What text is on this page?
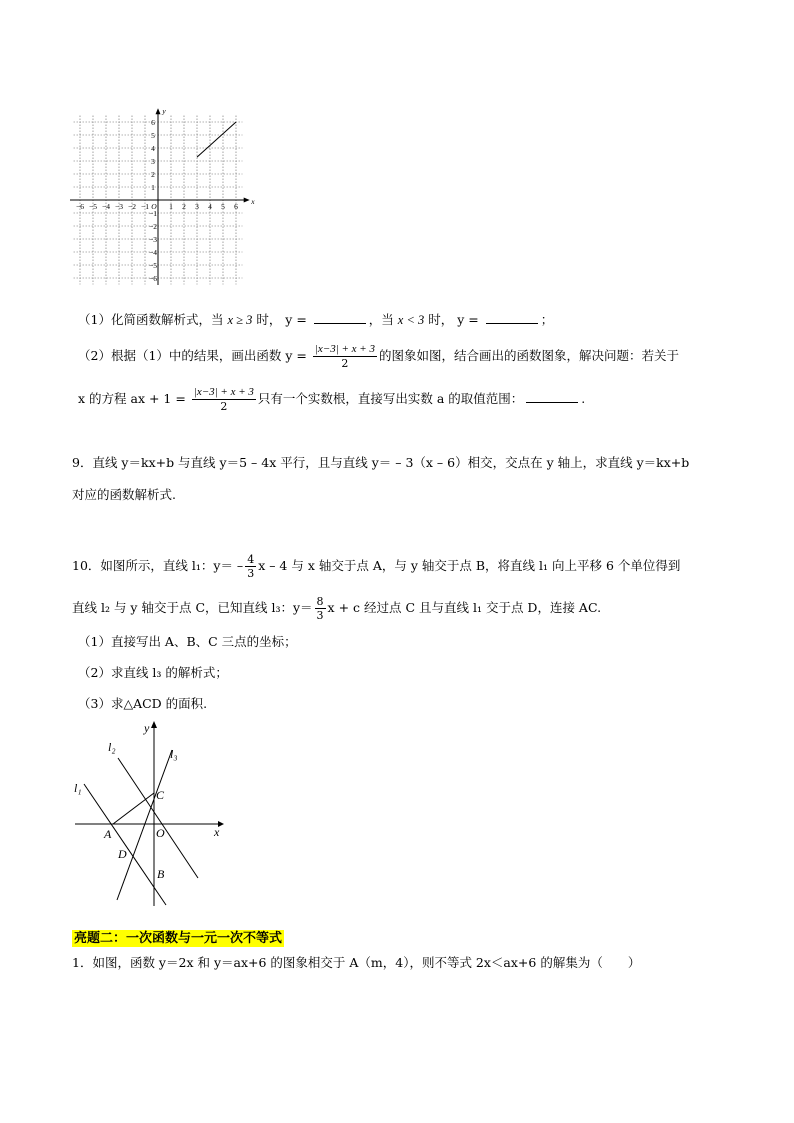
−6 −5 −4 −3 −2 −1 O 1 2 3 4 5 6
6
5
4
3
2
1
−1
−2
−3
−4
−5
−6
x
y
（1）化简函数解析式，当 x ≥ 3 时， y =	，当 x < 3 时， y =	；
（2）根据（1）中的结果，画出函数 $y = \frac{|x-3| + x + 3}{2}$ 的图象如图，结合画出的函数图象，解决问题：若关于
x 的方程 ax + $1 = \frac{|x-3| + x + 3}{2}$ 只有一个实数根，直接写出实数 a 的取值范围：	.
9．直线 y＝kx+b 与直线 y＝5 – 4x 平行，且与直线 y＝ – 3（x – 6）相交，交点在 y 轴上，求直线 y＝kx+b
对应的函数解析式.
10．如图所示，直线 l₁：$y= - \frac{4}{3}$ x – 4 与 x 轴交于点 A，与 y 轴交于点 B，将直线 l₁ 向上平移 6 个单位得到
直线 l₂ 与 y 轴交于点 C，已知直线 l₃：$y= \frac{8}{3}$ x + c 经过点 C 且与直线 l₁ 交于点 D，连接 AC.
（1）直接写出 A、B、C 三点的坐标；
（2）求直线 l₃ 的解析式；
（3）求△ACD 的面积.
y
x
O
A
B
C
D
l₁
l₂	l₃
亮题二：一次函数与一元一次不等式
1．如图，函数 y＝2x 和 y＝ax+6 的图象相交于 A（m，4），则不等式 2x＜ax+6 的解集为（　　）
